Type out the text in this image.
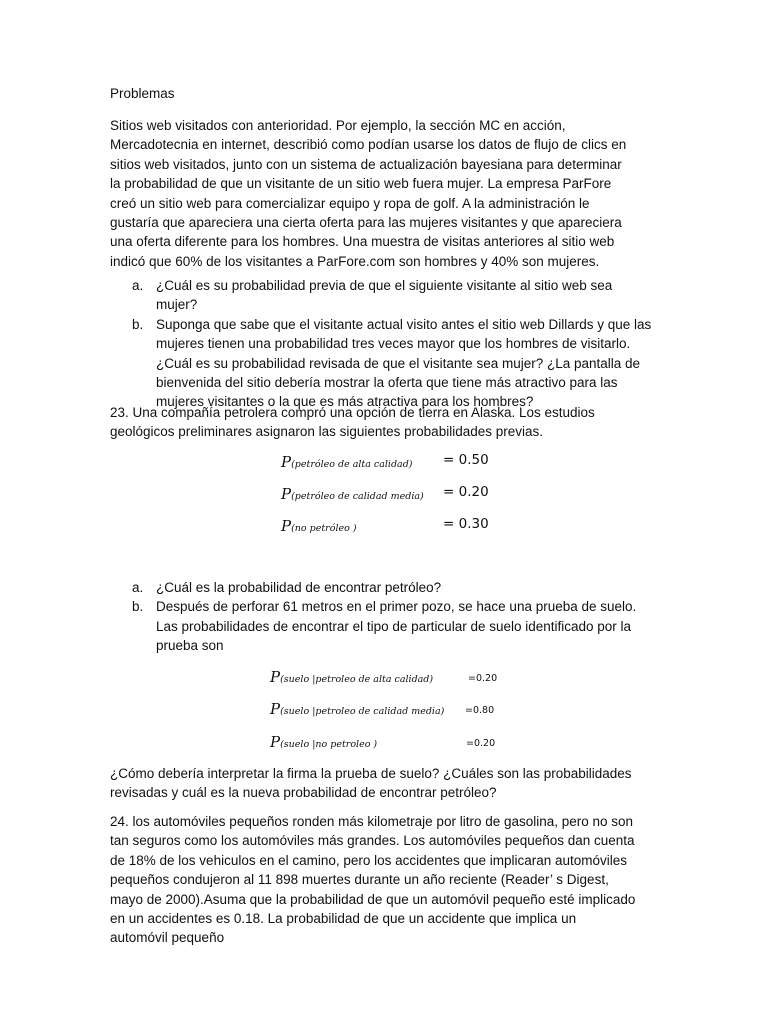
Problemas

Sitios web visitados con anterioridad. Por ejemplo, la sección MC en acción, Mercadotecnia en internet, describió como podían usarse los datos de flujo de clics en sitios web visitados, junto con un sistema de actualización bayesiana para determinar la probabilidad de que un visitante de un sitio web fuera mujer. La empresa ParFore creó un sitio web para comercializar equipo y ropa de golf. A la administración le gustaría que apareciera una cierta oferta para las mujeres visitantes y que apareciera una oferta diferente para los hombres. Una muestra de visitas anteriores al sitio web indicó que 60% de los visitantes a ParFore.com son hombres y 40% son mujeres.

a. ¿Cuál es su probabilidad previa de que el siguiente visitante al sitio web sea mujer?
b. Suponga que sabe que el visitante actual visito antes el sitio web Dillards y que las mujeres tienen una probabilidad tres veces mayor que los hombres de visitarlo. ¿Cuál es su probabilidad revisada de que el visitante sea mujer? ¿La pantalla de bienvenida del sitio debería mostrar la oferta que tiene más atractivo para las mujeres visitantes o la que es más atractiva para los hombres?

23. Una compañía petrolera compró una opción de tierra en Alaska. Los estudios geológicos preliminares asignaron las siguientes probabilidades previas.

P(petróleo de alta calidad) = 0.50
P(petróleo de calidad media) = 0.20
P(no petróleo )	= 0.30
a. ¿Cuál es la probabilidad de encontrar petróleo?
b. Después de perforar 61 metros en el primer pozo, se hace una prueba de suelo. Las probabilidades de encontrar el tipo de particular de suelo identificado por la prueba son
P(suelo |petroleo de alta calidad)	=0.20
P(suelo |petroleo de calidad media) =0.80
P(suelo |no petroleo )	=0.20

¿Cómo debería interpretar la firma la prueba de suelo? ¿Cuáles son las probabilidades revisadas y cuál es la nueva probabilidad de encontrar petróleo?

24. los automóviles pequeños ronden más kilometraje por litro de gasolina, pero no son tan seguros como los automóviles más grandes. Los automóviles pequeños dan cuenta de 18% de los vehiculos en el camino, pero los accidentes que implicaran automóviles pequeños condujeron al 11 898 muertes durante un año reciente (Reader’ s Digest, mayo de 2000).Asuma que la probabilidad de que un automóvil pequeño esté implicado en un accidentes es 0.18. La probabilidad de que un accidente que implica un automóvil pequeño
